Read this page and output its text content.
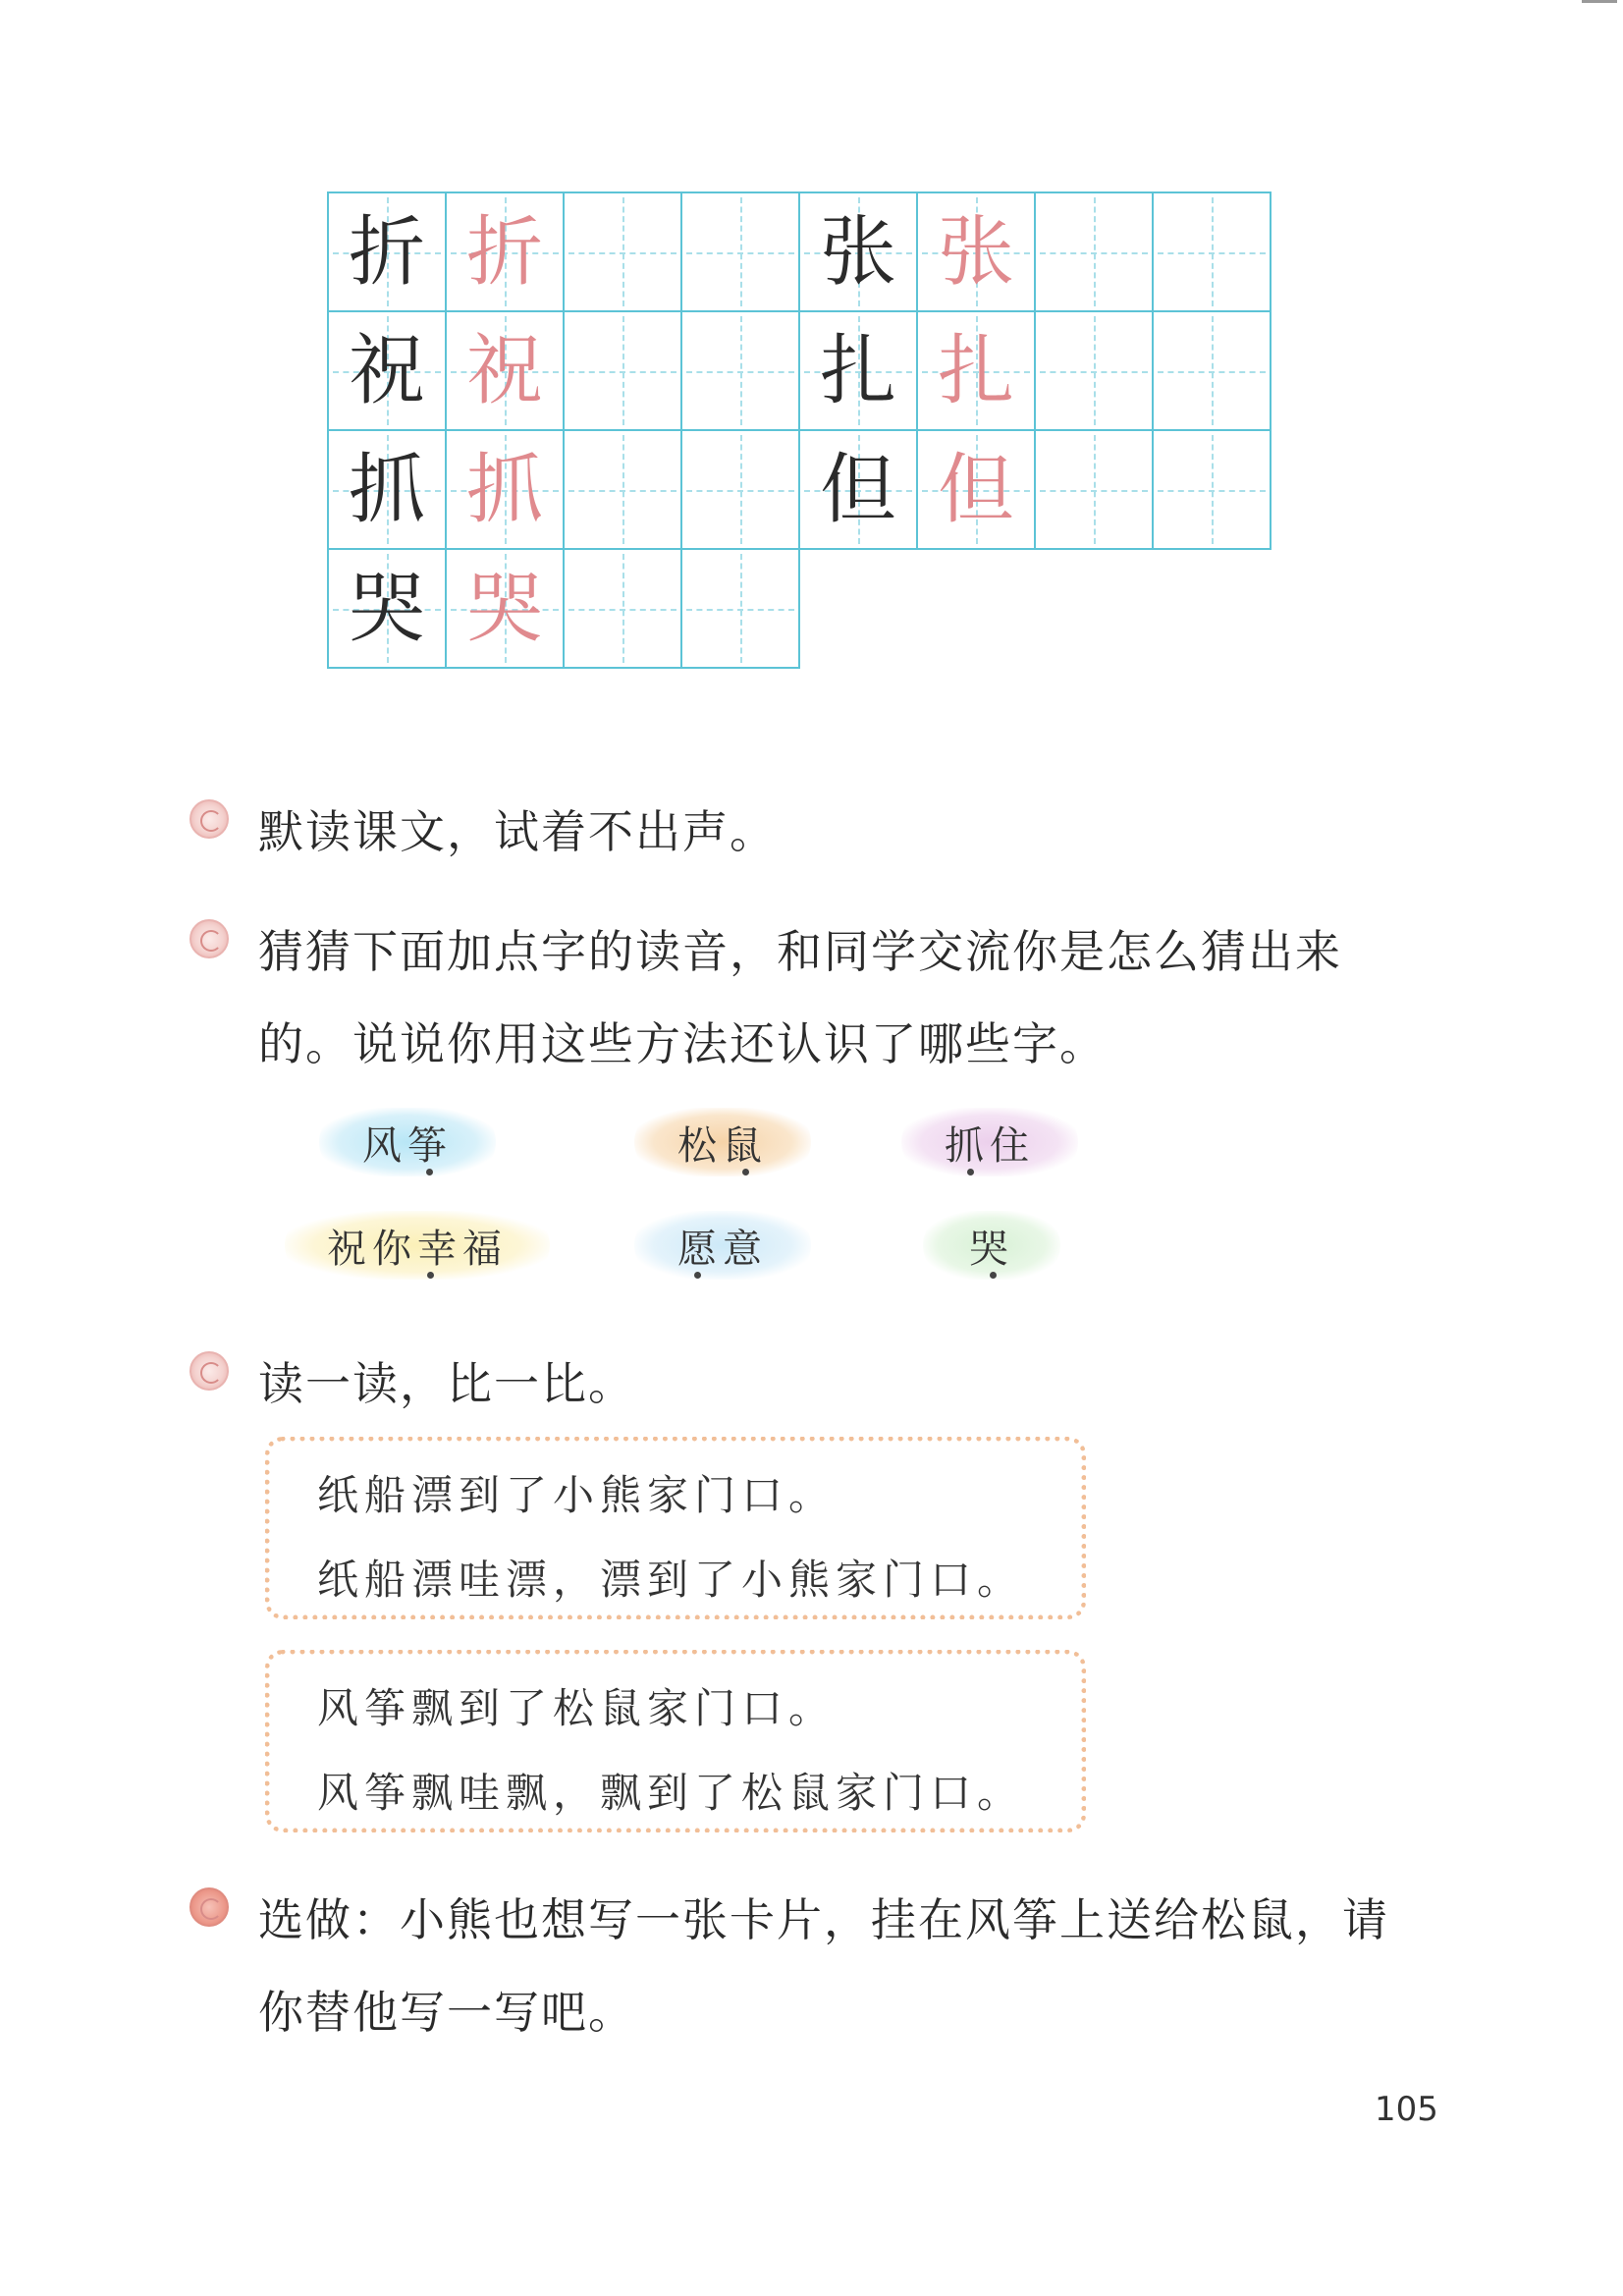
折 折	张 张
祝 祝	扎 扎
抓 抓	但 但
哭 哭
默读课文，试着不出声。
猜猜下面加点字的读音，和同学交流你是怎么猜出来
的。说说你用这些方法还认识了哪些字。
风筝	松鼠	抓住
祝你幸福	愿意	哭
读一读，比一比。
纸船漂到了小熊家门口。
纸船漂哇漂，漂到了小熊家门口。
风筝飘到了松鼠家门口。
风筝飘哇飘，飘到了松鼠家门口。
选做：小熊也想写一张卡片，挂在风筝上送给松鼠，请
你替他写一写吧。
105
